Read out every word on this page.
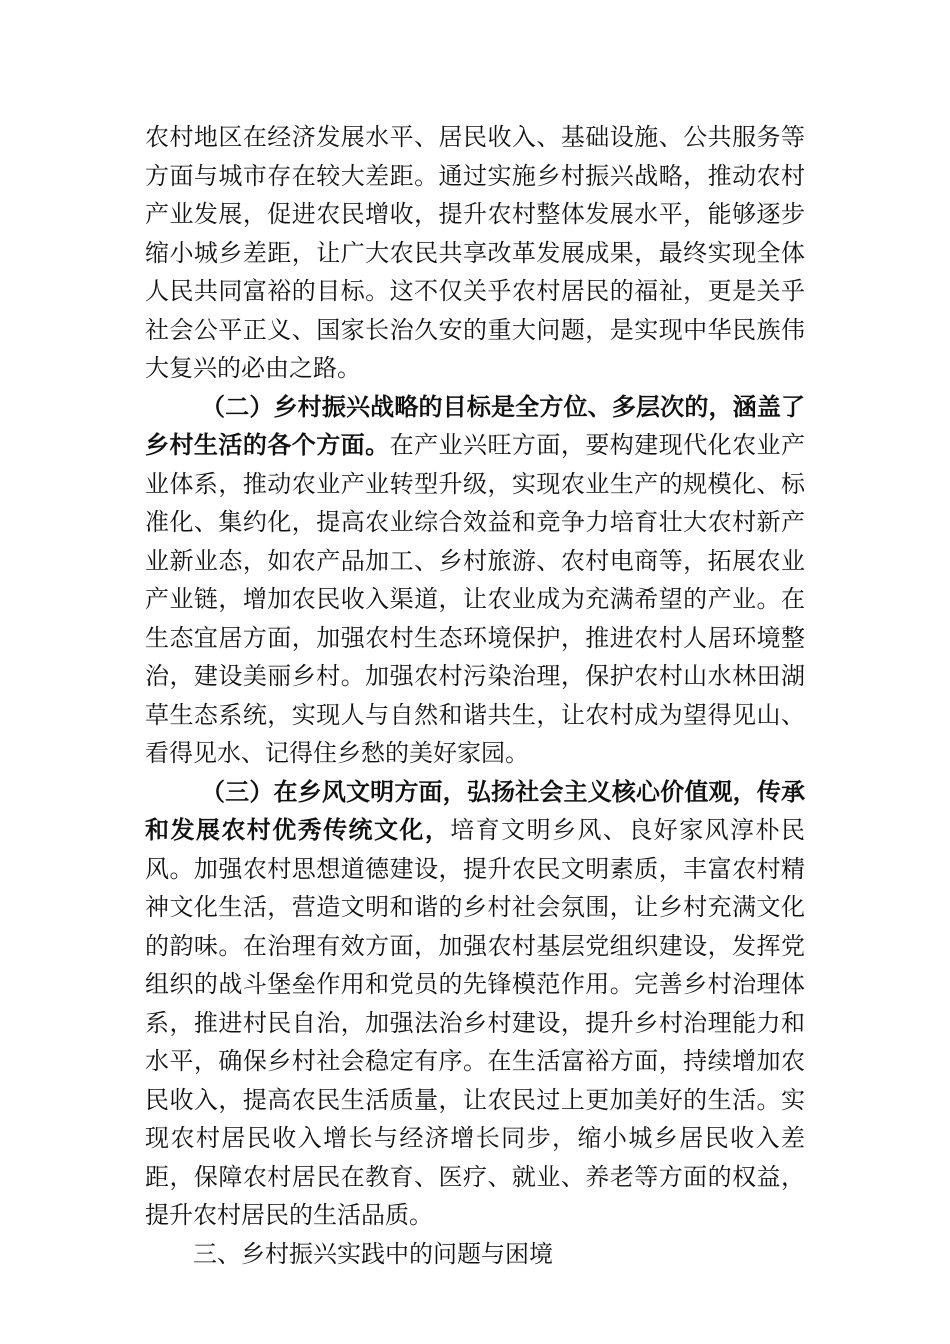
农村地区在经济发展水平、居民收入、基础设施、公共服务等方面与城市存在较大差距。通过实施乡村振兴战略，推动农村产业发展，促进农民增收，提升农村整体发展水平，能够逐步缩小城乡差距，让广大农民共享改革发展成果，最终实现全体人民共同富裕的目标。这不仅关乎农村居民的福祉，更是关乎社会公平正义、国家长治久安的重大问题，是实现中华民族伟大复兴的必由之路。

（二）乡村振兴战略的目标是全方位、多层次的，涵盖了乡村生活的各个方面。在产业兴旺方面，要构建现代化农业产业体系，推动农业产业转型升级，实现农业生产的规模化、标准化、集约化，提高农业综合效益和竞争力培育壮大农村新产业新业态，如农产品加工、乡村旅游、农村电商等，拓展农业产业链，增加农民收入渠道，让农业成为充满希望的产业。在生态宜居方面，加强农村生态环境保护，推进农村人居环境整治，建设美丽乡村。加强农村污染治理，保护农村山水林田湖草生态系统，实现人与自然和谐共生，让农村成为望得见山、看得见水、记得住乡愁的美好家园。

（三）在乡风文明方面，弘扬社会主义核心价值观，传承和发展农村优秀传统文化，培育文明乡风、良好家风淳朴民风。加强农村思想道德建设，提升农民文明素质，丰富农村精神文化生活，营造文明和谐的乡村社会氛围，让乡村充满文化的韵味。在治理有效方面，加强农村基层党组织建设，发挥党组织的战斗堡垒作用和党员的先锋模范作用。完善乡村治理体系，推进村民自治，加强法治乡村建设，提升乡村治理能力和水平，确保乡村社会稳定有序。在生活富裕方面，持续增加农民收入，提高农民生活质量，让农民过上更加美好的生活。实现农村居民收入增长与经济增长同步，缩小城乡居民收入差距，保障农村居民在教育、医疗、就业、养老等方面的权益，提升农村居民的生活品质。

三、乡村振兴实践中的问题与困境
